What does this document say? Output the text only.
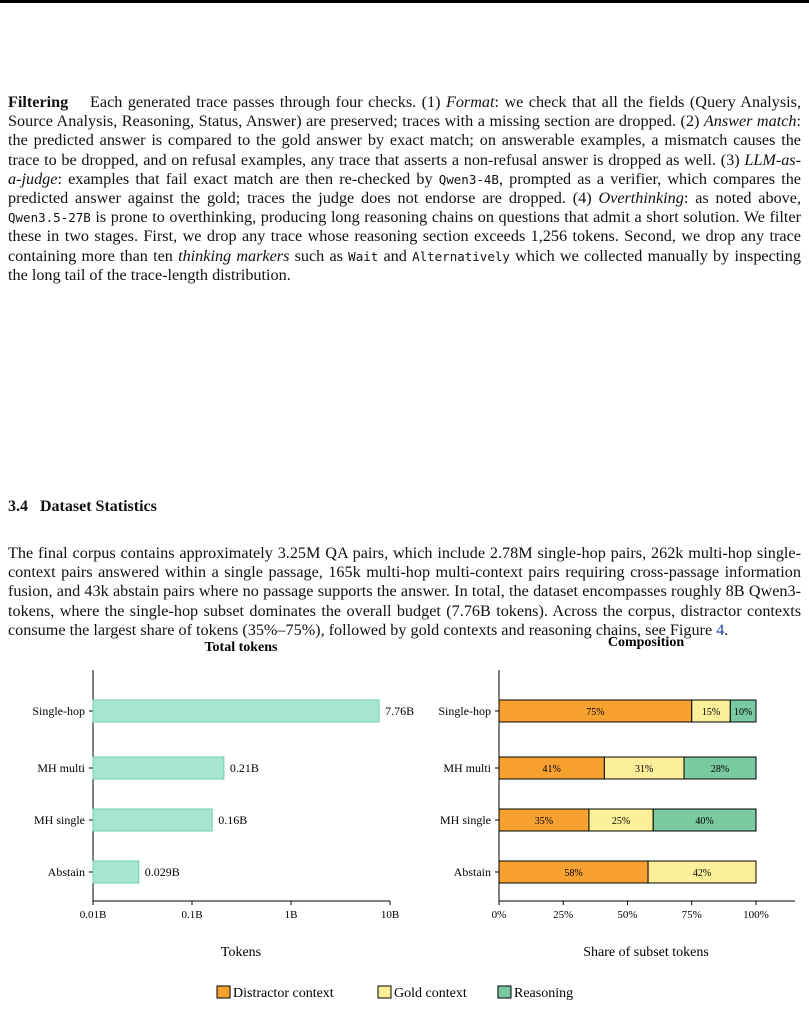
Filtering Each generated trace passes through four checks. (1) Format: we check that all the fields (Query Analysis, Source Analysis, Reasoning, Status, Answer) are preserved; traces with a missing section are dropped. (2) Answer match: the predicted answer is compared to the gold answer by exact match; on answerable examples, a mismatch causes the trace to be dropped, and on refusal examples, any trace that asserts a non-refusal answer is dropped as well. (3) LLM-as-a-judge: examples that fail exact match are then re-checked by Qwen3-4B, prompted as a verifier, which compares the predicted answer against the gold; traces the judge does not endorse are dropped. (4) Overthinking: as noted above, Qwen3.5-27B is prone to overthinking, producing long reasoning chains on questions that admit a short solution. We filter these in two stages. First, we drop any trace whose reasoning section exceeds 1,256 tokens. Second, we drop any trace containing more than ten thinking markers such as Wait and Alternatively which we collected manually by inspecting the long tail of the trace-length distribution.

3.4 Dataset Statistics

The final corpus contains approximately 3.25M QA pairs, which include 2.78M single-hop pairs, 262k multi-hop single-context pairs answered within a single passage, 165k multi-hop multi-context pairs requiring cross-passage information fusion, and 43k abstain pairs where no passage supports the answer. In total, the dataset encompasses roughly 8B Qwen3-tokens, where the single-hop subset dominates the overall budget (7.76B tokens). Across the corpus, distractor contexts consume the largest share of tokens (35%–75%), followed by gold contexts and reasoning chains, see Figure 4.

Total tokens	Composition
Tokens	Share of subset tokens
0.01B	0.1B	1B	10B
Single-hop	7.76B
MH multi	0.21B
MH single	0.16B
Abstain	0.029B
0%	25%	50%	75%	100%
Single-hop	75%	15% 10%
MH multi	41%	31%	28%
MH single	35%	25%	40%
Abstain	58%	42%
Distractor context	Gold context	Reasoning
